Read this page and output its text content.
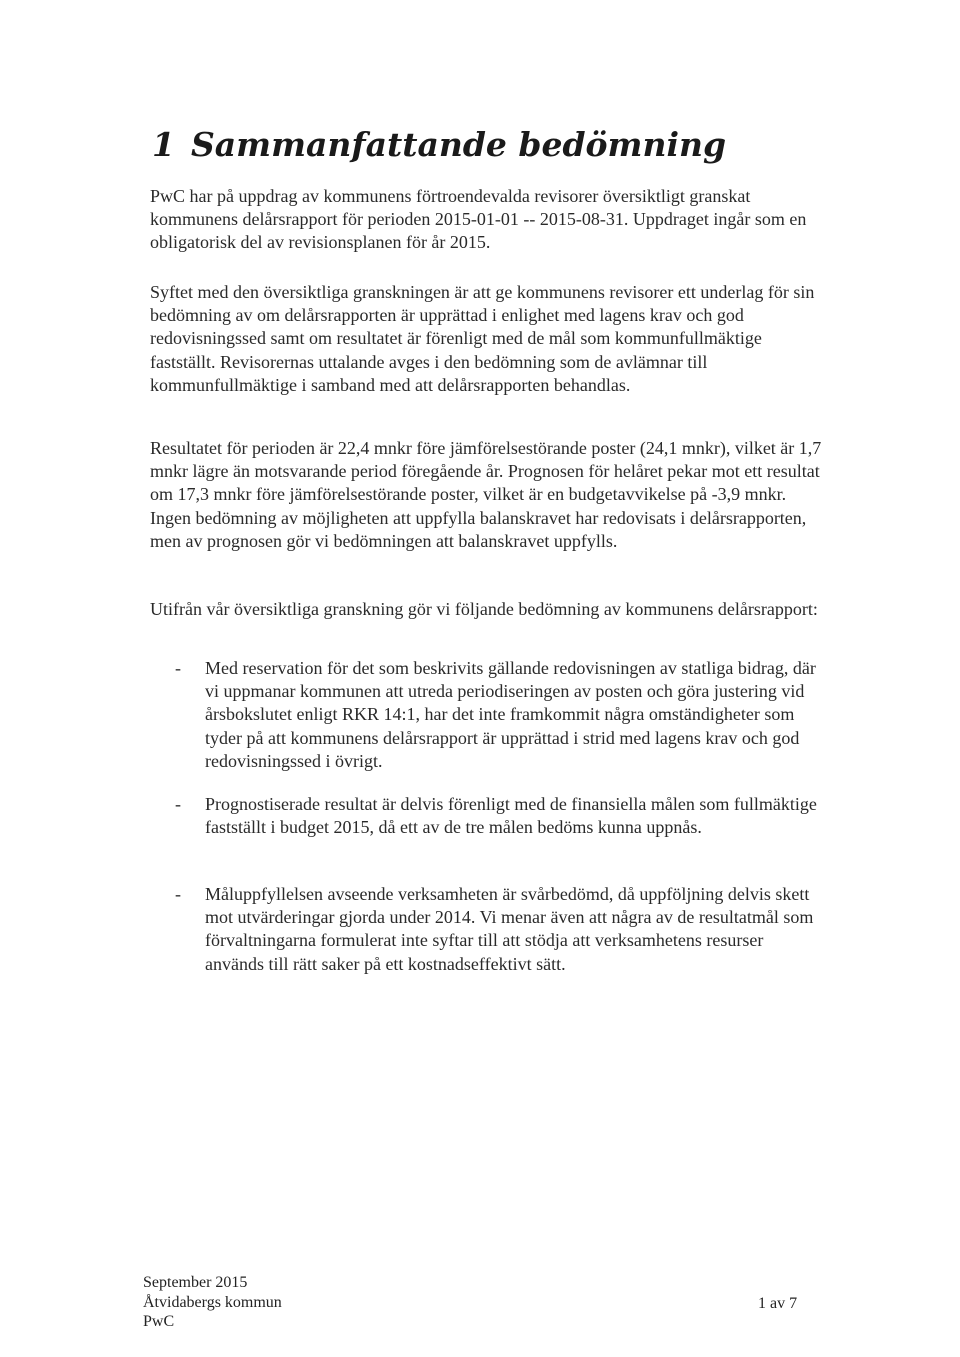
1 Sammanfattande bedömning

PwC har på uppdrag av kommunens förtroendevalda revisorer översiktligt granskat kommunens delårsrapport för perioden 2015-01-01 -- 2015-08-31. Uppdraget ingår som en obligatorisk del av revisionsplanen för år 2015.

Syftet med den översiktliga granskningen är att ge kommunens revisorer ett underlag för sin bedömning av om delårsrapporten är upprättad i enlighet med lagens krav och god redovisningssed samt om resultatet är förenligt med de mål som kommunfullmäktige fastställt. Revisorernas uttalande avges i den bedömning som de avlämnar till kommunfullmäktige i samband med att delårsrapporten behandlas.

Resultatet för perioden är 22,4 mnkr före jämförelsestörande poster (24,1 mnkr), vilket är 1,7 mnkr lägre än motsvarande period föregående år. Prognosen för helåret pekar mot ett resultat om 17,3 mnkr före jämförelsestörande poster, vilket är en budgetavvikelse på -3,9 mnkr. Ingen bedömning av möjligheten att uppfylla balanskravet har redovisats i delårsrapporten, men av prognosen gör vi bedömningen att balanskravet uppfylls.

Utifrån vår översiktliga granskning gör vi följande bedömning av kommunens delårsrapport:

- Med reservation för det som beskrivits gällande redovisningen av statliga bidrag, där vi uppmanar kommunen att utreda periodiseringen av posten och göra justering vid årsbokslutet enligt RKR 14:1, har det inte framkommit några omständigheter som tyder på att kommunens delårsrapport är upprättad i strid med lagens krav och god redovisningssed i övrigt.
- Prognostiserade resultat är delvis förenligt med de finansiella målen som fullmäktige fastställt i budget 2015, då ett av de tre målen bedöms kunna uppnås.
- Måluppfyllelsen avseende verksamheten är svårbedömd, då uppföljning delvis skett mot utvärderingar gjorda under 2014. Vi menar även att några av de resultatmål som förvaltningarna formulerat inte syftar till att stödja att verksamhetens resurser används till rätt saker på ett kostnadseffektivt sätt.
September 2015
Åtvidabergs kommun
PwC
1 av 7
